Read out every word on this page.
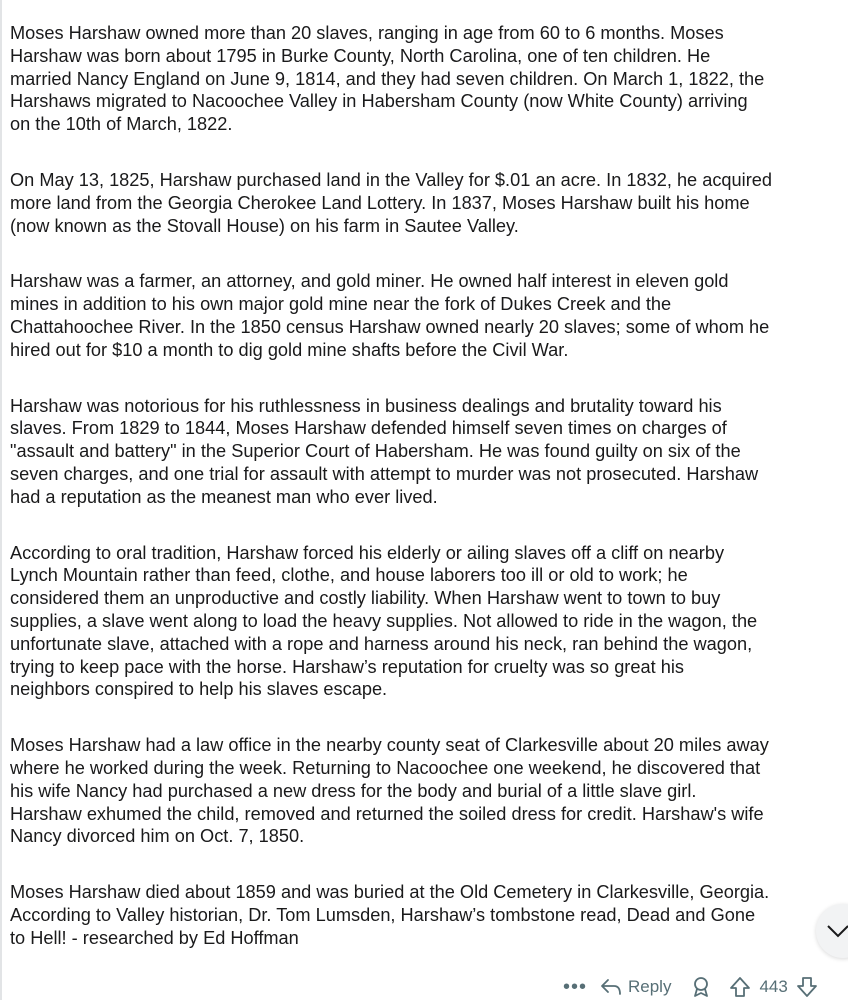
Moses Harshaw owned more than 20 slaves, ranging in age from 60 to 6 months. Moses
Harshaw was born about 1795 in Burke County, North Carolina, one of ten children. He
married Nancy England on June 9, 1814, and they had seven children. On March 1, 1822, the
Harshaws migrated to Nacoochee Valley in Habersham County (now White County) arriving
on the 10th of March, 1822.

On May 13, 1825, Harshaw purchased land in the Valley for $.01 an acre. In 1832, he acquired
more land from the Georgia Cherokee Land Lottery. In 1837, Moses Harshaw built his home
(now known as the Stovall House) on his farm in Sautee Valley.

Harshaw was a farmer, an attorney, and gold miner. He owned half interest in eleven gold
mines in addition to his own major gold mine near the fork of Dukes Creek and the
Chattahoochee River. In the 1850 census Harshaw owned nearly 20 slaves; some of whom he
hired out for $10 a month to dig gold mine shafts before the Civil War.

Harshaw was notorious for his ruthlessness in business dealings and brutality toward his
slaves. From 1829 to 1844, Moses Harshaw defended himself seven times on charges of
"assault and battery" in the Superior Court of Habersham. He was found guilty on six of the
seven charges, and one trial for assault with attempt to murder was not prosecuted. Harshaw
had a reputation as the meanest man who ever lived.

According to oral tradition, Harshaw forced his elderly or ailing slaves off a cliff on nearby
Lynch Mountain rather than feed, clothe, and house laborers too ill or old to work; he
considered them an unproductive and costly liability. When Harshaw went to town to buy
supplies, a slave went along to load the heavy supplies. Not allowed to ride in the wagon, the
unfortunate slave, attached with a rope and harness around his neck, ran behind the wagon,
trying to keep pace with the horse. Harshaw’s reputation for cruelty was so great his
neighbors conspired to help his slaves escape.

Moses Harshaw had a law office in the nearby county seat of Clarkesville about 20 miles away
where he worked during the week. Returning to Nacoochee one weekend, he discovered that
his wife Nancy had purchased a new dress for the body and burial of a little slave girl.
Harshaw exhumed the child, removed and returned the soiled dress for credit. Harshaw's wife
Nancy divorced him on Oct. 7, 1850.

Moses Harshaw died about 1859 and was buried at the Old Cemetery in Clarkesville, Georgia.
According to Valley historian, Dr. Tom Lumsden, Harshaw’s tombstone read, Dead and Gone
to Hell! - researched by Ed Hoffman

••• Reply	443
